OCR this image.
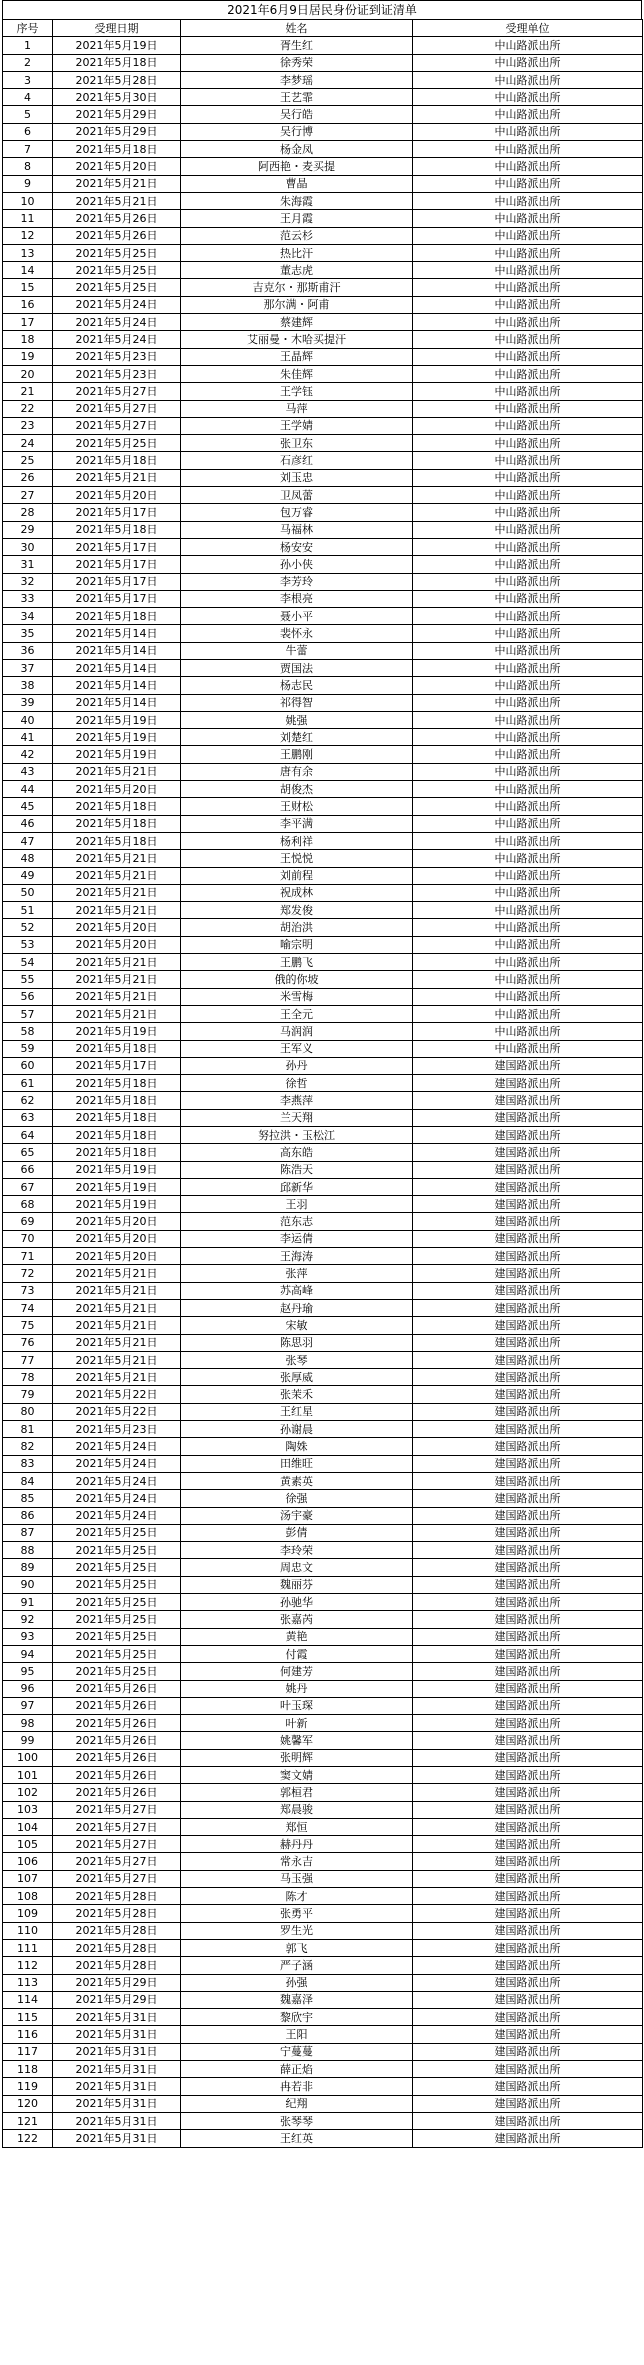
2021年6月9日居民身份证到证清单
序号	受理日期	姓名	受理单位
1	2021年5月19日	胥生红	中山路派出所
2	2021年5月18日	徐秀荣	中山路派出所
3	2021年5月28日	李梦瑶	中山路派出所
4	2021年5月30日	王艺霏	中山路派出所
5	2021年5月29日	吴行皓	中山路派出所
6	2021年5月29日	吴行博	中山路派出所
7	2021年5月18日	杨金凤	中山路派出所
8	2021年5月20日	阿西艳・麦买提	中山路派出所
9	2021年5月21日	曹晶	中山路派出所
10	2021年5月21日	朱海霞	中山路派出所
11	2021年5月26日	王月霞	中山路派出所
12	2021年5月26日	范云杉	中山路派出所
13	2021年5月25日	热比汗	中山路派出所
14	2021年5月25日	董志虎	中山路派出所
15	2021年5月25日	吉克尔・那斯甫汗	中山路派出所
16	2021年5月24日	那尔满・阿甫	中山路派出所
17	2021年5月24日	蔡建辉	中山路派出所
18	2021年5月24日	艾丽曼・木哈买提汗	中山路派出所
19	2021年5月23日	王晶辉	中山路派出所
20	2021年5月23日	朱佳辉	中山路派出所
21	2021年5月27日	王学钰	中山路派出所
22	2021年5月27日	马萍	中山路派出所
23	2021年5月27日	王学婧	中山路派出所
24	2021年5月25日	张卫东	中山路派出所
25	2021年5月18日	石彦红	中山路派出所
26	2021年5月21日	刘玉忠	中山路派出所
27	2021年5月20日	卫凤蕾	中山路派出所
28	2021年5月17日	包万睿	中山路派出所
29	2021年5月18日	马福林	中山路派出所
30	2021年5月17日	杨安安	中山路派出所
31	2021年5月17日	孙小侠	中山路派出所
32	2021年5月17日	李芳玲	中山路派出所
33	2021年5月17日	李根亮	中山路派出所
34	2021年5月18日	聂小平	中山路派出所
35	2021年5月14日	裴怀永	中山路派出所
36	2021年5月14日	牛蕾	中山路派出所
37	2021年5月14日	贾国法	中山路派出所
38	2021年5月14日	杨志民	中山路派出所
39	2021年5月14日	祁得智	中山路派出所
40	2021年5月19日	姚强	中山路派出所
41	2021年5月19日	刘楚红	中山路派出所
42	2021年5月19日	王鹏刚	中山路派出所
43	2021年5月21日	唐有余	中山路派出所
44	2021年5月20日	胡俊杰	中山路派出所
45	2021年5月18日	王财松	中山路派出所
46	2021年5月18日	李平满	中山路派出所
47	2021年5月18日	杨利祥	中山路派出所
48	2021年5月21日	王悦悦	中山路派出所
49	2021年5月21日	刘前程	中山路派出所
50	2021年5月21日	祝成林	中山路派出所
51	2021年5月21日	郑发俊	中山路派出所
52	2021年5月20日	胡治洪	中山路派出所
53	2021年5月20日	喻宗明	中山路派出所
54	2021年5月21日	王鹏飞	中山路派出所
55	2021年5月21日	俄的你坡	中山路派出所
56	2021年5月21日	米雪梅	中山路派出所
57	2021年5月21日	王全元	中山路派出所
58	2021年5月19日	马润润	中山路派出所
59	2021年5月18日	王军义	中山路派出所
60	2021年5月17日	孙丹	建国路派出所
61	2021年5月18日	徐哲	建国路派出所
62	2021年5月18日	李燕萍	建国路派出所
63	2021年5月18日	兰天翔	建国路派出所
64	2021年5月18日	努拉洪・玉松江	建国路派出所
65	2021年5月18日	高东皓	建国路派出所
66	2021年5月19日	陈浩天	建国路派出所
67	2021年5月19日	邱新华	建国路派出所
68	2021年5月19日	王羽	建国路派出所
69	2021年5月20日	范东志	建国路派出所
70	2021年5月20日	李运倩	建国路派出所
71	2021年5月20日	王海涛	建国路派出所
72	2021年5月21日	张萍	建国路派出所
73	2021年5月21日	苏高峰	建国路派出所
74	2021年5月21日	赵丹瑜	建国路派出所
75	2021年5月21日	宋敏	建国路派出所
76	2021年5月21日	陈思羽	建国路派出所
77	2021年5月21日	张琴	建国路派出所
78	2021年5月21日	张厚威	建国路派出所
79	2021年5月22日	张茉禾	建国路派出所
80	2021年5月22日	王红星	建国路派出所
81	2021年5月23日	孙谢晨	建国路派出所
82	2021年5月24日	陶姝	建国路派出所
83	2021年5月24日	田维旺	建国路派出所
84	2021年5月24日	黄素英	建国路派出所
85	2021年5月24日	徐强	建国路派出所
86	2021年5月24日	汤宇豪	建国路派出所
87	2021年5月25日	彭倩	建国路派出所
88	2021年5月25日	李玲荣	建国路派出所
89	2021年5月25日	周忠文	建国路派出所
90	2021年5月25日	魏丽芬	建国路派出所
91	2021年5月25日	孙驰华	建国路派出所
92	2021年5月25日	张嘉芮	建国路派出所
93	2021年5月25日	黄艳	建国路派出所
94	2021年5月25日	付霞	建国路派出所
95	2021年5月25日	何建芳	建国路派出所
96	2021年5月26日	姚丹	建国路派出所
97	2021年5月26日	叶玉琛	建国路派出所
98	2021年5月26日	叶新	建国路派出所
99	2021年5月26日	姚馨军	建国路派出所
100	2021年5月26日	张明辉	建国路派出所
101	2021年5月26日	窦文婧	建国路派出所
102	2021年5月26日	郭桓君	建国路派出所
103	2021年5月27日	郑晨骏	建国路派出所
104	2021年5月27日	郑恒	建国路派出所
105	2021年5月27日	赫丹丹	建国路派出所
106	2021年5月27日	常永吉	建国路派出所
107	2021年5月27日	马玉强	建国路派出所
108	2021年5月28日	陈才	建国路派出所
109	2021年5月28日	张勇平	建国路派出所
110	2021年5月28日	罗生光	建国路派出所
111	2021年5月28日	郭飞	建国路派出所
112	2021年5月28日	严子涵	建国路派出所
113	2021年5月29日	孙强	建国路派出所
114	2021年5月29日	魏嘉泽	建国路派出所
115	2021年5月31日	黎欣宇	建国路派出所
116	2021年5月31日	王阳	建国路派出所
117	2021年5月31日	宁蔓蔓	建国路派出所
118	2021年5月31日	薛正焰	建国路派出所
119	2021年5月31日	冉若非	建国路派出所
120	2021年5月31日	纪翔	建国路派出所
121	2021年5月31日	张琴琴	建国路派出所
122	2021年5月31日	王红英	建国路派出所
